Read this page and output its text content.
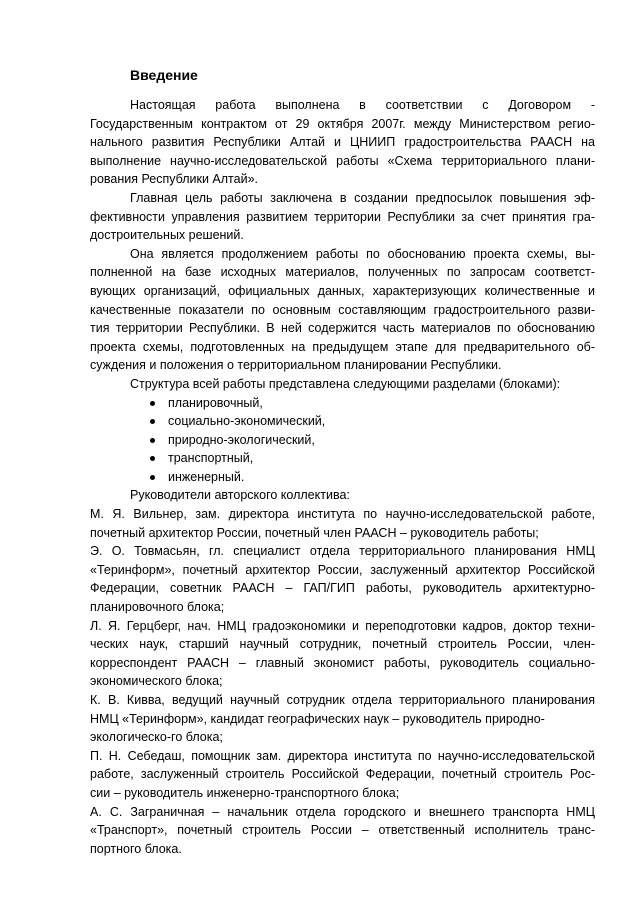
Введение
Настоящая работа выполнена в соответствии с Договором -
Государственным контрактом от 29 октября 2007г. между Министерством регио-
нального развития Республики Алтай и ЦНИИП градостроительства РААСН на
выполнение научно-исследовательской работы «Схема территориального плани-
рования Республики Алтай».
Главная цель работы заключена в создании предпосылок повышения эф-
фективности управления развитием территории Республики за счет принятия гра-
достроительных решений.
Она является продолжением работы по обоснованию проекта схемы, вы-
полненной на базе исходных материалов, полученных по запросам соответст-
вующих организаций, официальных данных, характеризующих количественные и
качественные показатели по основным составляющим градостроительного разви-
тия территории Республики. В ней содержится часть материалов по обоснованию
проекта схемы, подготовленных на предыдущем этапе для предварительного об-
суждения и положения о территориальном планировании Республики.
Структура всей работы представлена следующими разделами (блоками):
планировочный,
социально-экономический,
природно-экологический,
транспортный,
инженерный.
Руководители авторского коллектива:
М. Я. Вильнер, зам. директора института по научно-исследовательской работе,
почетный архитектор России, почетный член РААСН – руководитель работы;
Э. О. Товмасьян, гл. специалист отдела территориального планирования НМЦ
«Теринформ», почетный архитектор России, заслуженный архитектор Российской
Федерации, советник РААСН – ГАП/ГИП работы, руководитель архитектурно-
планировочного блока;
Л. Я. Герцберг, нач. НМЦ градоэкономики и переподготовки кадров, доктор техни-
ческих наук, старший научный сотрудник, почетный строитель России, член-
корреспондент РААСН – главный экономист работы, руководитель социально-
экономического блока;
К. В. Кивва, ведущий научный сотрудник отдела территориального планирования
НМЦ «Теринформ», кандидат географических наук – руководитель природно-
экологическо-го блока;
П. Н. Себедаш, помощник зам. директора института по научно-исследовательской
работе, заслуженный строитель Российской Федерации, почетный строитель Рос-
сии – руководитель инженерно-транспортного блока;
А. С. Заграничная – начальник отдела городского и внешнего транспорта НМЦ
«Транспорт», почетный строитель России – ответственный исполнитель транс-
портного блока.
